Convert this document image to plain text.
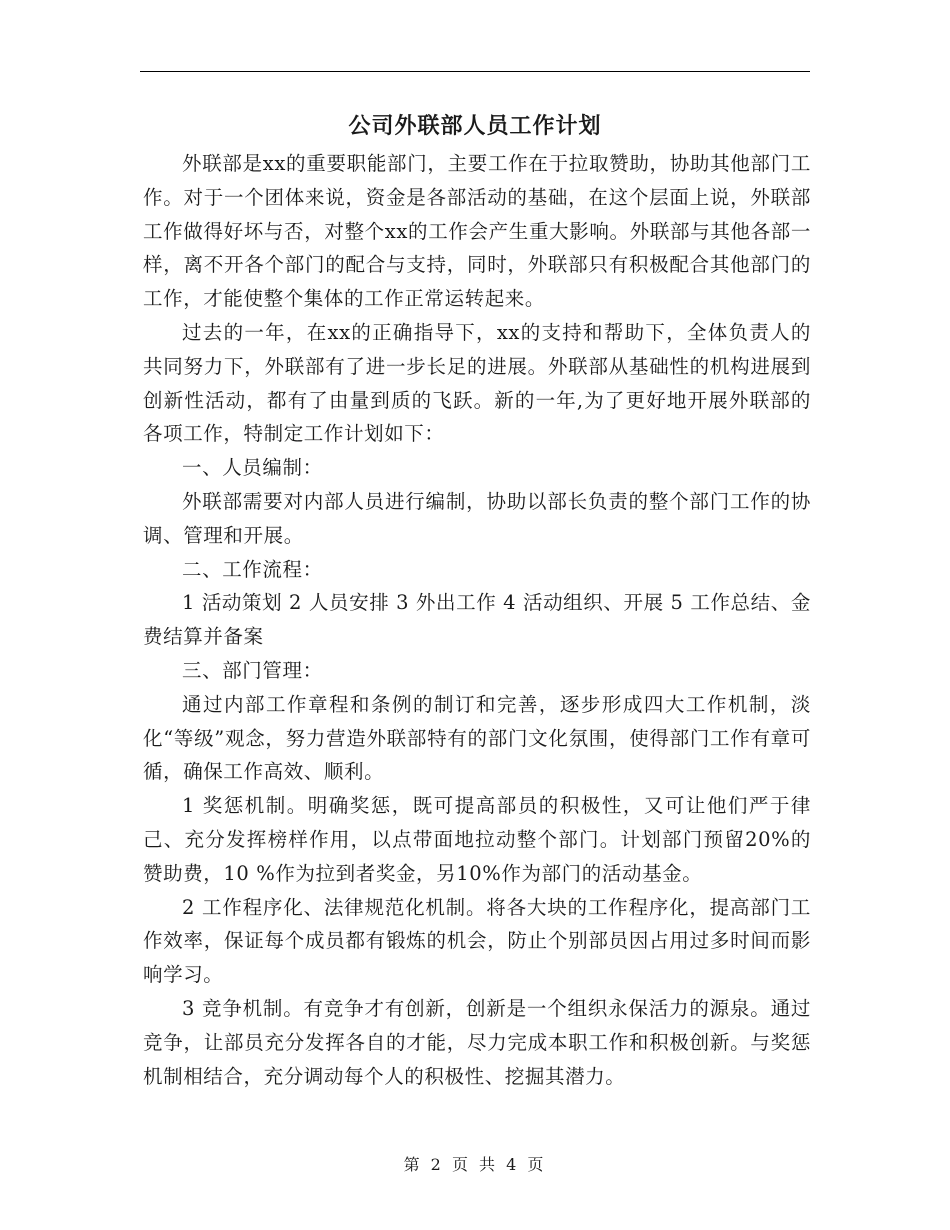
公司外联部人员工作计划

外联部是xx的重要职能部门，主要工作在于拉取赞助，协助其他部门工作。对于一个团体来说，资金是各部活动的基础，在这个层面上说，外联部工作做得好坏与否，对整个xx的工作会产生重大影响。外联部与其他各部一样，离不开各个部门的配合与支持，同时，外联部只有积极配合其他部门的工作，才能使整个集体的工作正常运转起来。

过去的一年，在xx的正确指导下，xx的支持和帮助下，全体负责人的共同努力下，外联部有了进一步长足的进展。外联部从基础性的机构进展到创新性活动，都有了由量到质的飞跃。新的一年,为了更好地开展外联部的各项工作，特制定工作计划如下：

一、人员编制：

外联部需要对内部人员进行编制，协助以部长负责的整个部门工作的协调、管理和开展。

二、工作流程：

1 活动策划 2 人员安排 3 外出工作 4 活动组织、开展 5 工作总结、金费结算并备案

三、部门管理：

通过内部工作章程和条例的制订和完善，逐步形成四大工作机制，淡化“等级”观念，努力营造外联部特有的部门文化氛围，使得部门工作有章可循，确保工作高效、顺利。

1 奖惩机制。明确奖惩，既可提高部员的积极性，又可让他们严于律己、充分发挥榜样作用，以点带面地拉动整个部门。计划部门预留20%的赞助费，10 %作为拉到者奖金，另10%作为部门的活动基金。

2 工作程序化、法律规范化机制。将各大块的工作程序化，提高部门工作效率，保证每个成员都有锻炼的机会，防止个别部员因占用过多时间而影响学习。

3 竞争机制。有竞争才有创新，创新是一个组织永保活力的源泉。通过竞争，让部员充分发挥各自的才能，尽力完成本职工作和积极创新。与奖惩机制相结合，充分调动每个人的积极性、挖掘其潜力。

第 2 页 共 4 页
